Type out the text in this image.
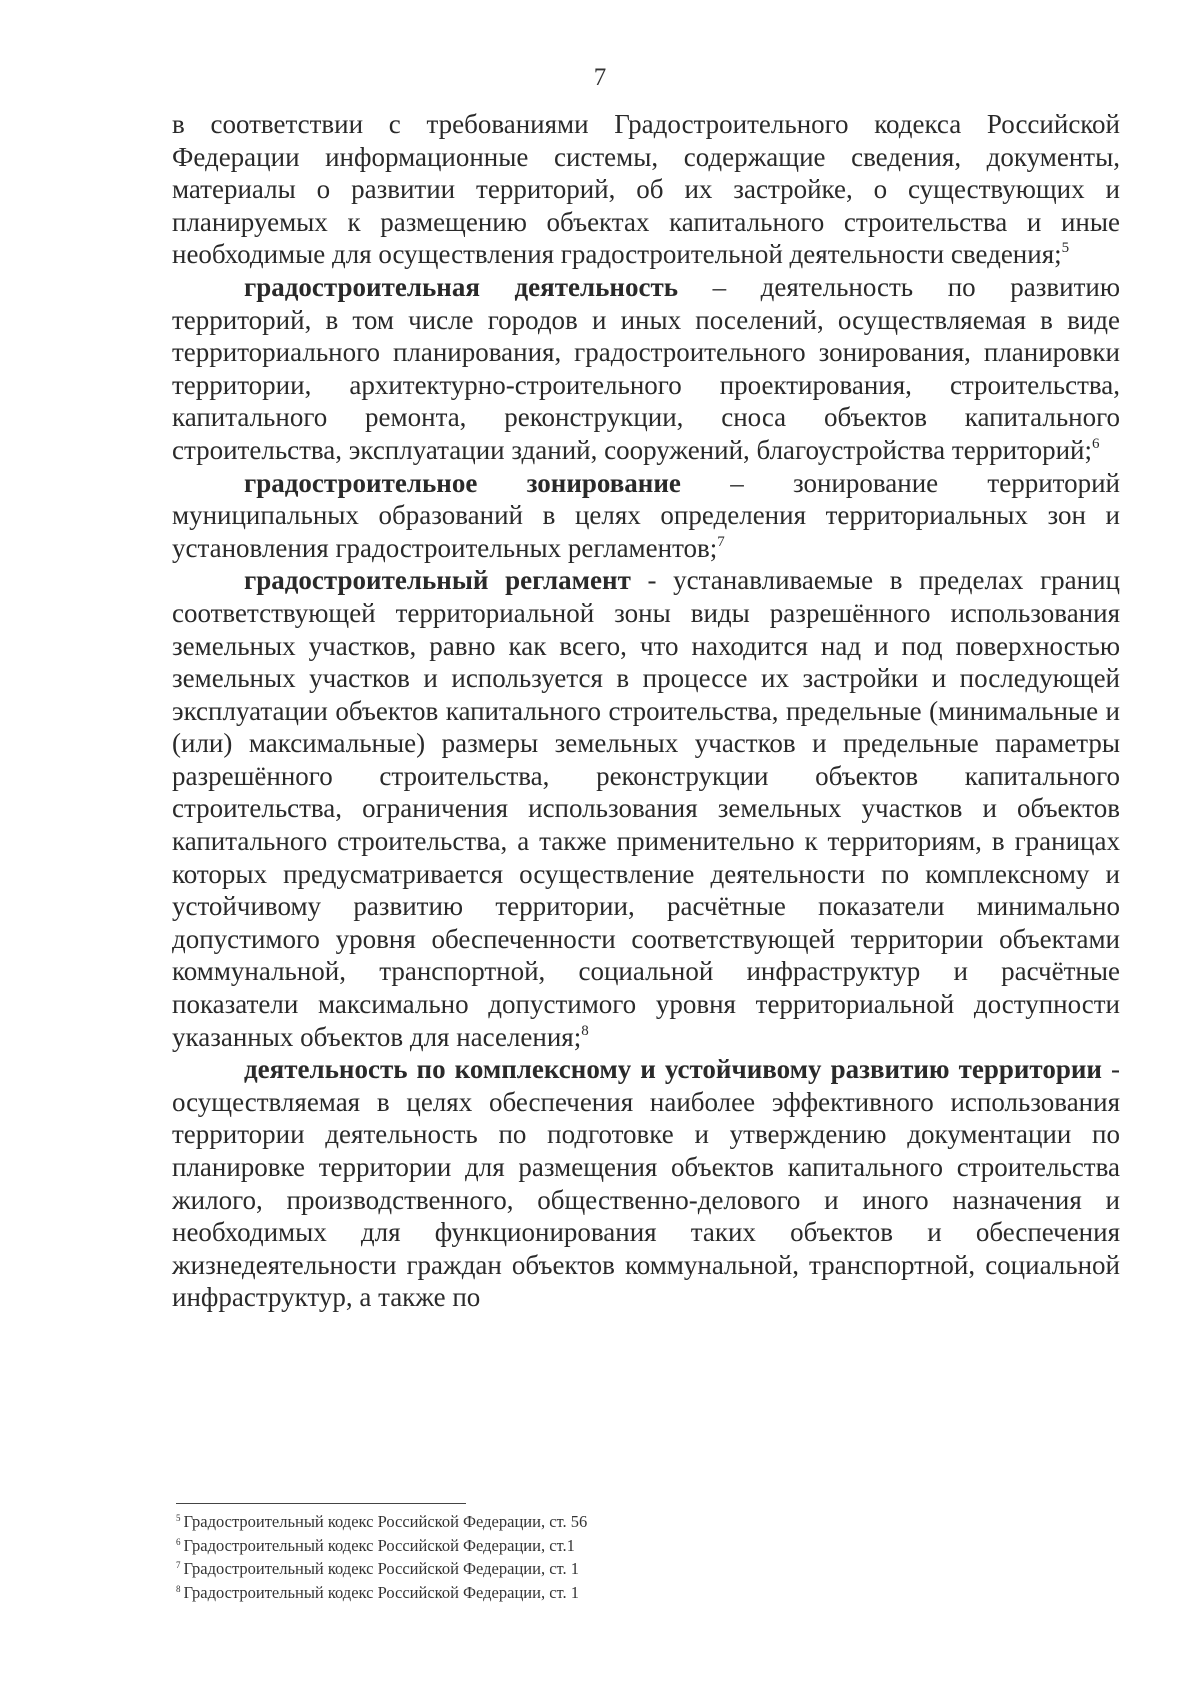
7

в соответствии с требованиями Градостроительного кодекса Российской Федерации информационные системы, содержащие сведения, документы, материалы о развитии территорий, об их застройке, о существующих и планируемых к размещению объектах капитального строительства и иные необходимые для осуществления градостроительной деятельности сведения;$^5$

градостроительная деятельность – деятельность по развитию территорий, в том числе городов и иных поселений, осуществляемая в виде территориального планирования, градостроительного зонирования, планировки территории, архитектурно-строительного проектирования, строительства, капитального ремонта, реконструкции, сноса объектов капитального строительства, эксплуатации зданий, сооружений, благоустройства территорий;$^6$

градостроительное зонирование – зонирование территорий муниципальных образований в целях определения территориальных зон и установления градостроительных регламентов;$^7$

градостроительный регламент - устанавливаемые в пределах границ соответствующей территориальной зоны виды разрешённого использования земельных участков, равно как всего, что находится над и под поверхностью земельных участков и используется в процессе их застройки и последующей эксплуатации объектов капитального строительства, предельные (минимальные и (или) максимальные) размеры земельных участков и предельные параметры разрешённого строительства, реконструкции объектов капитального строительства, ограничения использования земельных участков и объектов капитального строительства, а также применительно к территориям, в границах которых предусматривается осуществление деятельности по комплексному и устойчивому развитию территории, расчётные показатели минимально допустимого уровня обеспеченности соответствующей территории объектами коммунальной, транспортной, социальной инфраструктур и расчётные показатели максимально допустимого уровня территориальной доступности указанных объектов для населения;$^8$

деятельность по комплексному и устойчивому развитию территории - осуществляемая в целях обеспечения наиболее эффективного использования территории деятельность по подготовке и утверждению документации по планировке территории для размещения объектов капитального строительства жилого, производственного, общественно-делового и иного назначения и необходимых для функционирования таких объектов и обеспечения жизнедеятельности граждан объектов коммунальной, транспортной, социальной инфраструктур, а также по

$^5$ Градостроительный кодекс Российской Федерации, ст. 56
$^6$ Градостроительный кодекс Российской Федерации, ст.1
$^7$ Градостроительный кодекс Российской Федерации, ст. 1
$^8$ Градостроительный кодекс Российской Федерации, ст. 1
